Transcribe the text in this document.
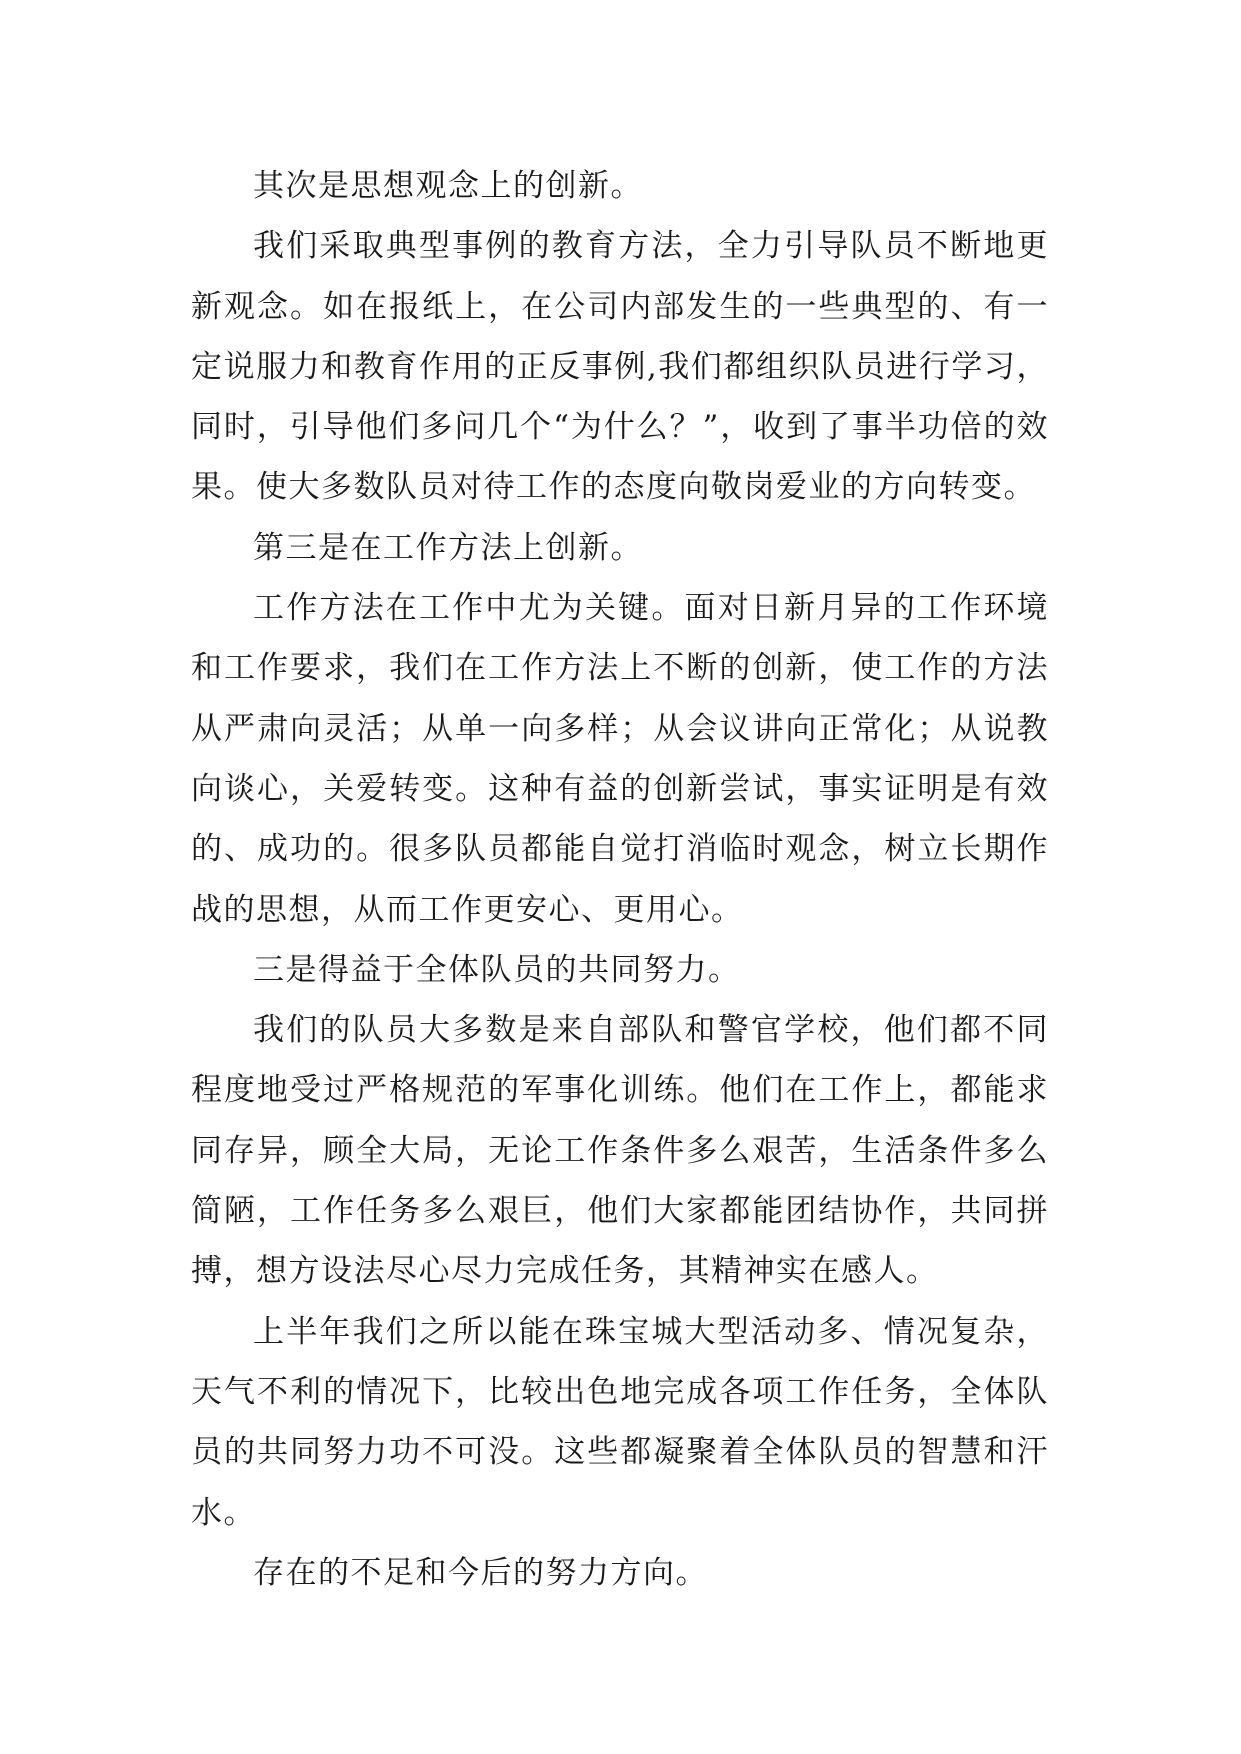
其次是思想观念上的创新。

我们采取典型事例的教育方法，全力引导队员不断地更新观念。如在报纸上，在公司内部发生的一些典型的、有一定说服力和教育作用的正反事例,我们都组织队员进行学习，同时，引导他们多问几个“为什么？”，收到了事半功倍的效果。使大多数队员对待工作的态度向敬岗爱业的方向转变。

第三是在工作方法上创新。

工作方法在工作中尤为关键。面对日新月异的工作环境和工作要求，我们在工作方法上不断的创新，使工作的方法从严肃向灵活；从单一向多样；从会议讲向正常化；从说教向谈心，关爱转变。这种有益的创新尝试，事实证明是有效的、成功的。很多队员都能自觉打消临时观念，树立长期作战的思想，从而工作更安心、更用心。

三是得益于全体队员的共同努力。

我们的队员大多数是来自部队和警官学校，他们都不同程度地受过严格规范的军事化训练。他们在工作上，都能求同存异，顾全大局，无论工作条件多么艰苦，生活条件多么简陋，工作任务多么艰巨，他们大家都能团结协作，共同拼搏，想方设法尽心尽力完成任务，其精神实在感人。

上半年我们之所以能在珠宝城大型活动多、情况复杂，天气不利的情况下，比较出色地完成各项工作任务，全体队员的共同努力功不可没。这些都凝聚着全体队员的智慧和汗水。

存在的不足和今后的努力方向。
